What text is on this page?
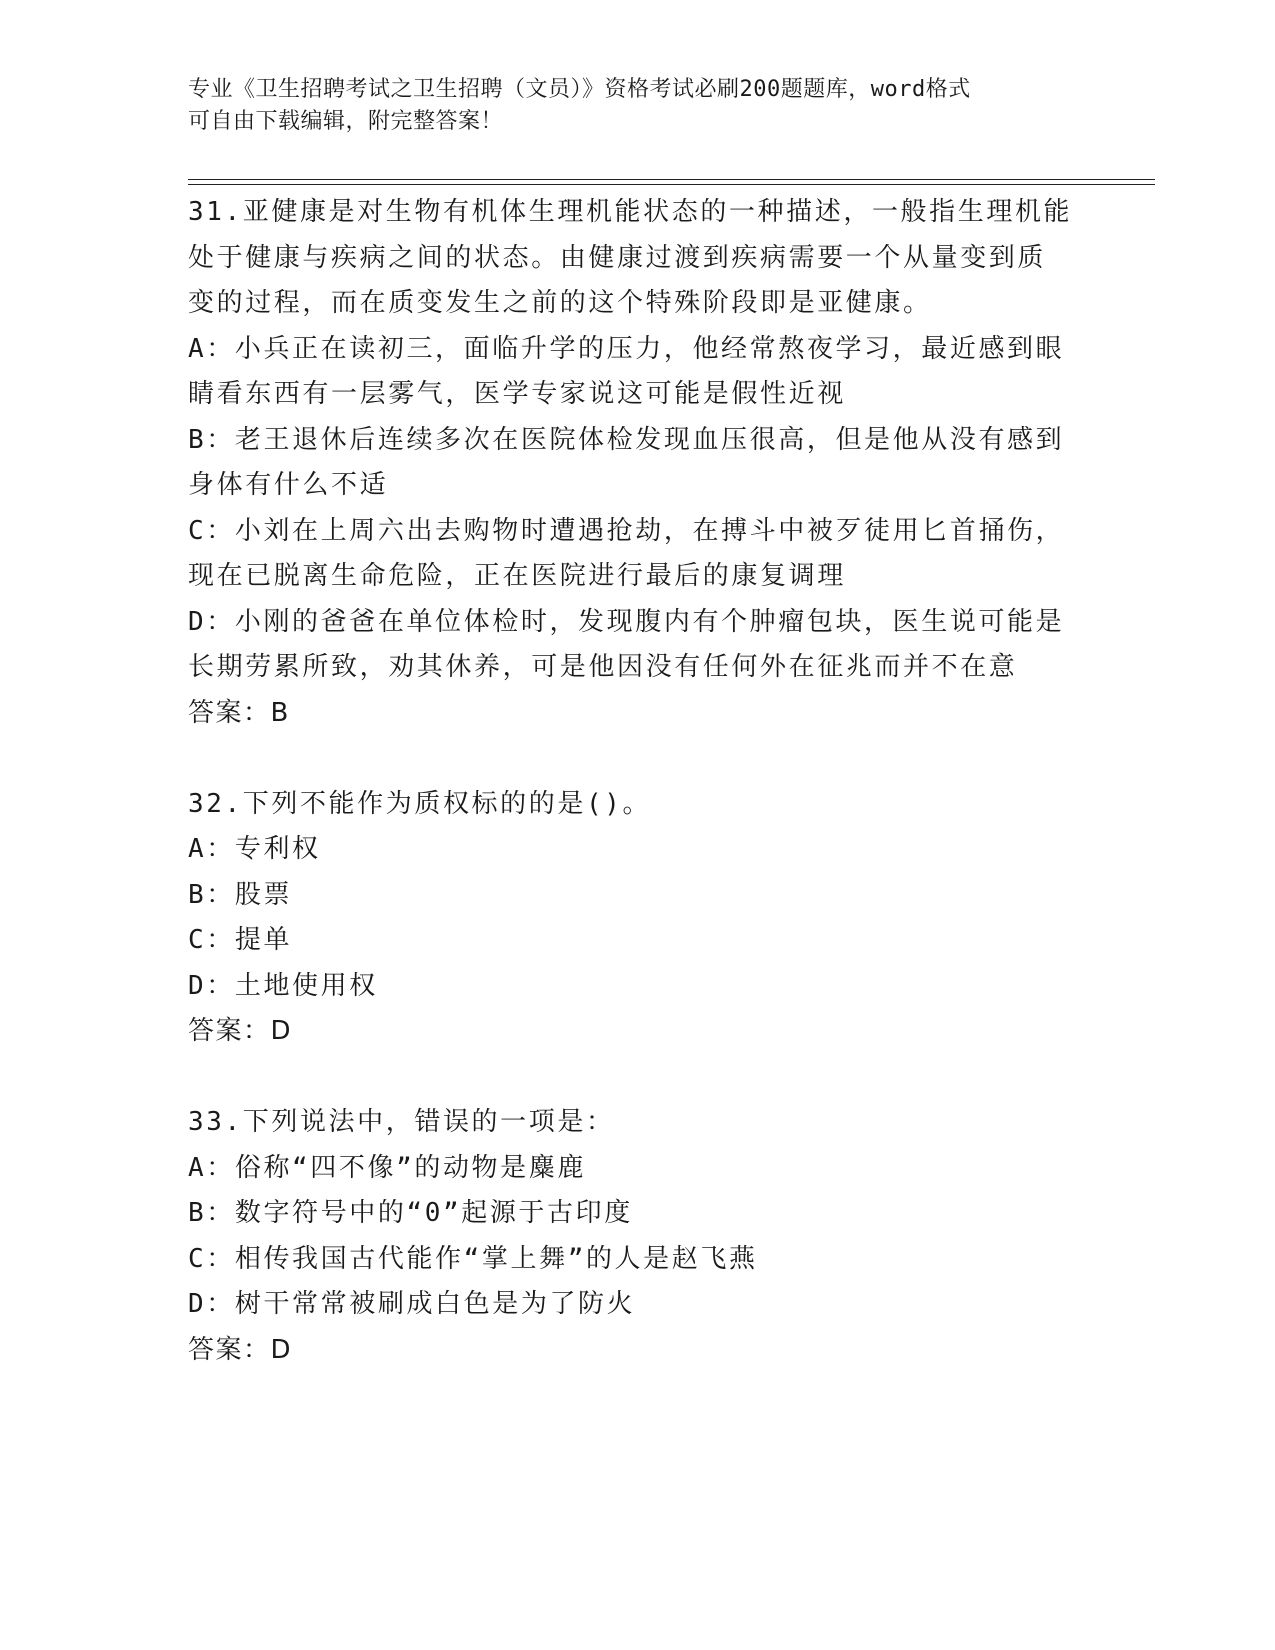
专业《卫生招聘考试之卫生招聘（文员）》资格考试必刷200题题库，word格式
可自由下载编辑，附完整答案！
31.亚健康是对生物有机体生理机能状态的一种描述，一般指生理机能
处于健康与疾病之间的状态。由健康过渡到疾病需要一个从量变到质
变的过程，而在质变发生之前的这个特殊阶段即是亚健康。
A：小兵正在读初三，面临升学的压力，他经常熬夜学习，最近感到眼
睛看东西有一层雾气，医学专家说这可能是假性近视
B：老王退休后连续多次在医院体检发现血压很高，但是他从没有感到
身体有什么不适
C：小刘在上周六出去购物时遭遇抢劫，在搏斗中被歹徒用匕首捅伤，
现在已脱离生命危险，正在医院进行最后的康复调理
D：小刚的爸爸在单位体检时，发现腹内有个肿瘤包块，医生说可能是
长期劳累所致，劝其休养，可是他因没有任何外在征兆而并不在意
答案：B
32.下列不能作为质权标的的是()。
A：专利权
B：股票
C：提单
D：土地使用权
答案：D
33.下列说法中，错误的一项是：
A：俗称“四不像”的动物是麋鹿
B：数字符号中的“0”起源于古印度
C：相传我国古代能作“掌上舞”的人是赵飞燕
D：树干常常被刷成白色是为了防火
答案：D
